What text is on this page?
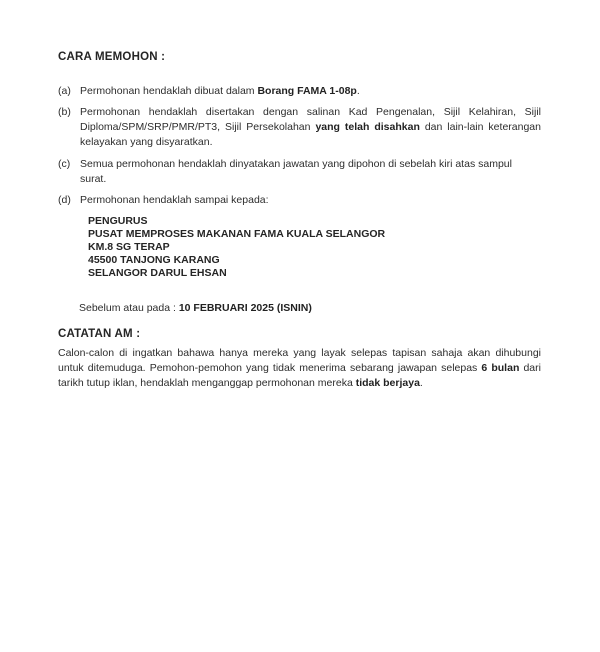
CARA MEMOHON :
(a) Permohonan hendaklah dibuat dalam Borang FAMA 1-08p.
(b) Permohonan hendaklah disertakan dengan salinan Kad Pengenalan, Sijil Kelahiran, Sijil Diploma/SPM/SRP/PMR/PT3, Sijil Persekolahan yang telah disahkan dan lain-lain keterangan kelayakan yang disyaratkan.
(c) Semua permohonan hendaklah dinyatakan jawatan yang dipohon di sebelah kiri atas sampul surat.
(d) Permohonan hendaklah sampai kepada:
PENGURUS
PUSAT MEMPROSES MAKANAN FAMA KUALA SELANGOR
KM.8 SG TERAP
45500 TANJONG KARANG
SELANGOR DARUL EHSAN
Sebelum atau pada : 10 FEBRUARI 2025 (ISNIN)
CATATAN AM :
Calon-calon di ingatkan bahawa hanya mereka yang layak selepas tapisan sahaja akan dihubungi untuk ditemuduga. Pemohon-pemohon yang tidak menerima sebarang jawapan selepas 6 bulan dari tarikh tutup iklan, hendaklah menganggap permohonan mereka tidak berjaya.
